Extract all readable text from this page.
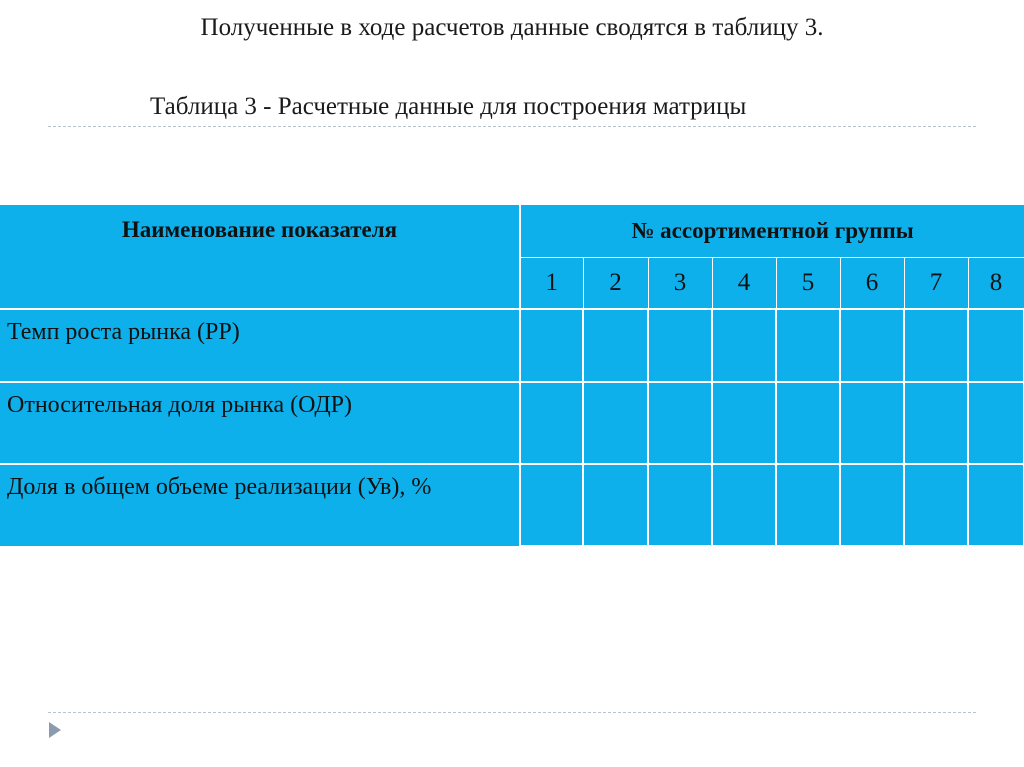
Полученные в ходе расчетов данные сводятся в таблицу 3.
Таблица 3 - Расчетные данные для построения матрицы
Наименование показателя	№ ассортиментной группы							
	1	2	3	4	5	6	7	8
Темп роста рынка (РР)								
Относительная доля рынка (ОДР)								
Доля в общем объеме реализации (Ув), %								
